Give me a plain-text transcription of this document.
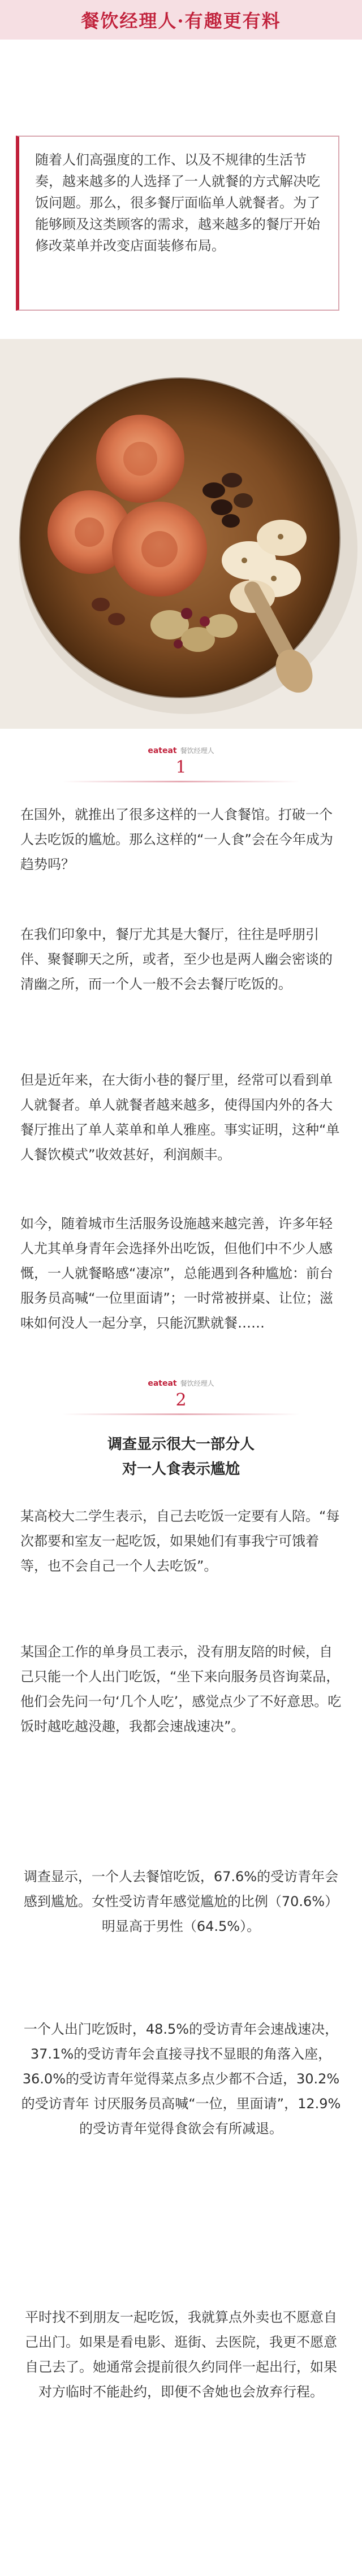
餐饮经理人·有趣更有料

随着人们高强度的工作、以及不规律的生活节奏，越来越多的人选择了一人就餐的方式解决吃饭问题。那么，很多餐厅面临单人就餐者。为了能够顾及这类顾客的需求，越来越多的餐厅开始修改菜单并改变店面装修布局。

eateat 餐饮经理人
1

在国外，就推出了很多这样的一人食餐馆。打破一个人去吃饭的尴尬。那么这样的“一人食”会在今年成为趋势吗？

在我们印象中，餐厅尤其是大餐厅，往往是呼朋引伴、聚餐聊天之所，或者，至少也是两人幽会密谈的清幽之所，而一个人一般不会去餐厅吃饭的。

但是近年来，在大街小巷的餐厅里，经常可以看到单人就餐者。单人就餐者越来越多，使得国内外的各大餐厅推出了单人菜单和单人雅座。事实证明，这种“单人餐饮模式”收效甚好，利润颇丰。

如今，随着城市生活服务设施越来越完善，许多年轻人尤其单身青年会选择外出吃饭，但他们中不少人感慨，一人就餐略感“凄凉”，总能遇到各种尴尬：前台服务员高喊“一位里面请”；一时常被拼桌、让位；滋味如何没人一起分享，只能沉默就餐……

eateat 餐饮经理人
2

调查显示很大一部分人

对一人食表示尴尬

某高校大二学生表示，自己去吃饭一定要有人陪。“每次都要和室友一起吃饭，如果她们有事我宁可饿着等，也不会自己一个人去吃饭”。

某国企工作的单身员工表示，没有朋友陪的时候，自己只能一个人出门吃饭，“坐下来向服务员咨询菜品，他们会先问一句‘几个人吃’，感觉点少了不好意思。吃饭时越吃越没趣，我都会速战速决”。

调查显示，一个人去餐馆吃饭，67.6%的受访青年会感到尴尬。女性受访青年感觉尴尬的比例（70.6%）明显高于男性（64.5%）。

一个人出门吃饭时，48.5%的受访青年会速战速决，37.1%的受访青年会直接寻找不显眼的角落入座，36.0%的受访青年觉得菜点多点少都不合适，30.2%的受访青年 讨厌服务员高喊“一位，里面请”，12.9%的受访青年觉得食欲会有所减退。

平时找不到朋友一起吃饭，我就算点外卖也不愿意自己出门。如果是看电影、逛街、去医院，我更不愿意自己去了。她通常会提前很久约同伴一起出行，如果对方临时不能赴约，即便不舍她也会放弃行程。
